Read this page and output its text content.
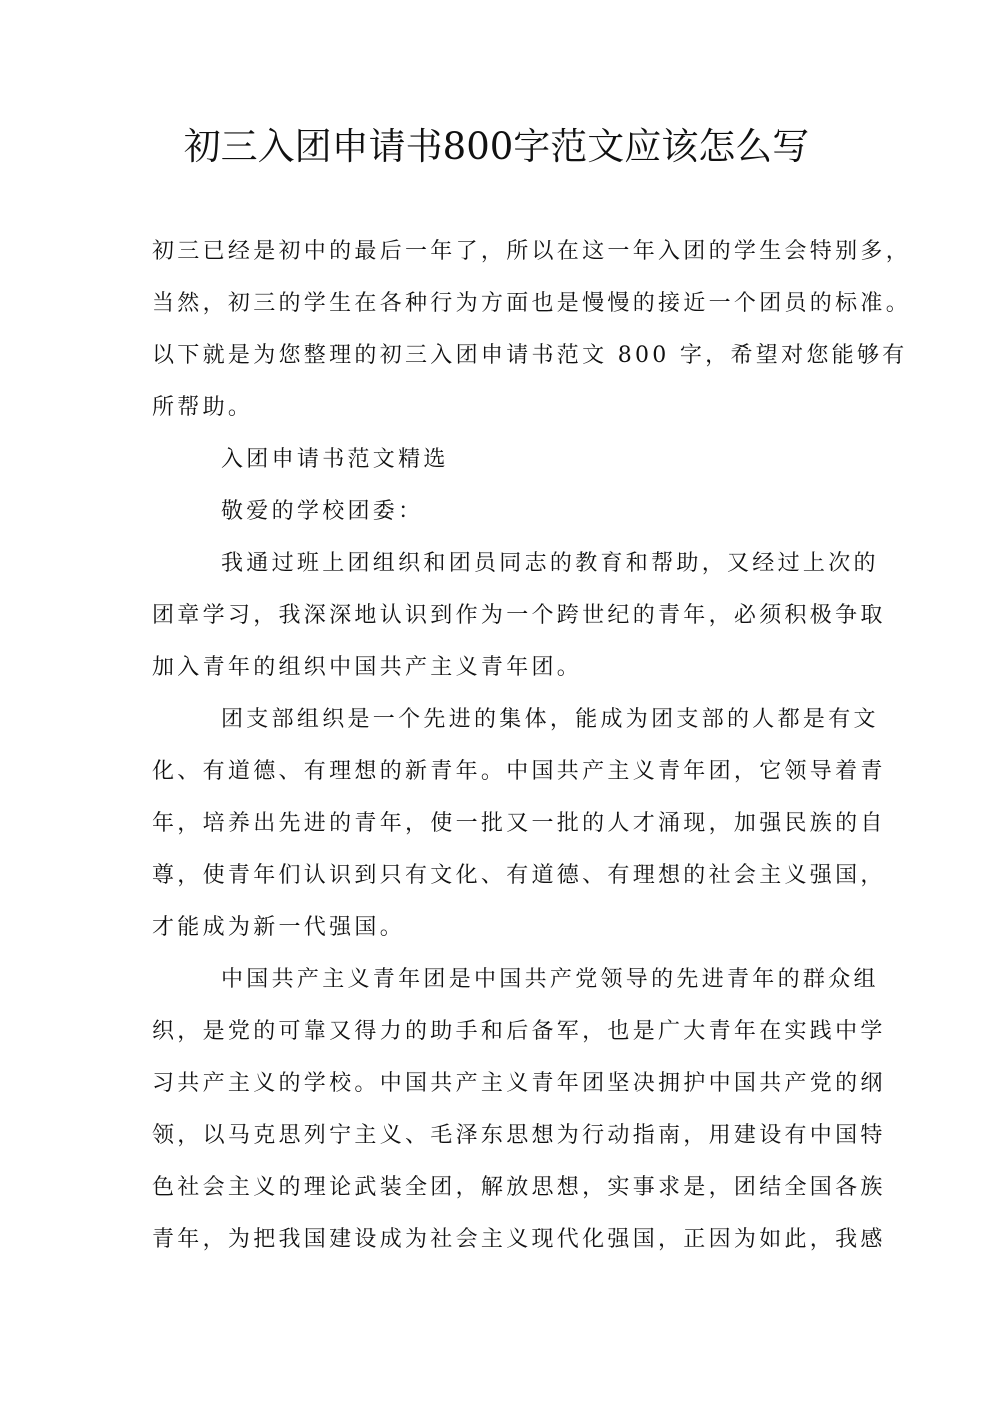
初三入团申请书800字范文应该怎么写
初三已经是初中的最后一年了，所以在这一年入团的学生会特别多，
当然，初三的学生在各种行为方面也是慢慢的接近一个团员的标准。
以下就是为您整理的初三入团申请书范文 800 字，希望对您能够有
所帮助。
入团申请书范文精选
敬爱的学校团委：
我通过班上团组织和团员同志的教育和帮助，又经过上次的
团章学习，我深深地认识到作为一个跨世纪的青年，必须积极争取
加入青年的组织中国共产主义青年团。
团支部组织是一个先进的集体，能成为团支部的人都是有文
化、有道德、有理想的新青年。中国共产主义青年团，它领导着青
年，培养出先进的青年，使一批又一批的人才涌现，加强民族的自
尊，使青年们认识到只有文化、有道德、有理想的社会主义强国，
才能成为新一代强国。
中国共产主义青年团是中国共产党领导的先进青年的群众组
织，是党的可靠又得力的助手和后备军，也是广大青年在实践中学
习共产主义的学校。中国共产主义青年团坚决拥护中国共产党的纲
领，以马克思列宁主义、毛泽东思想为行动指南，用建设有中国特
色社会主义的理论武装全团，解放思想，实事求是，团结全国各族
青年，为把我国建设成为社会主义现代化强国，正因为如此，我感
